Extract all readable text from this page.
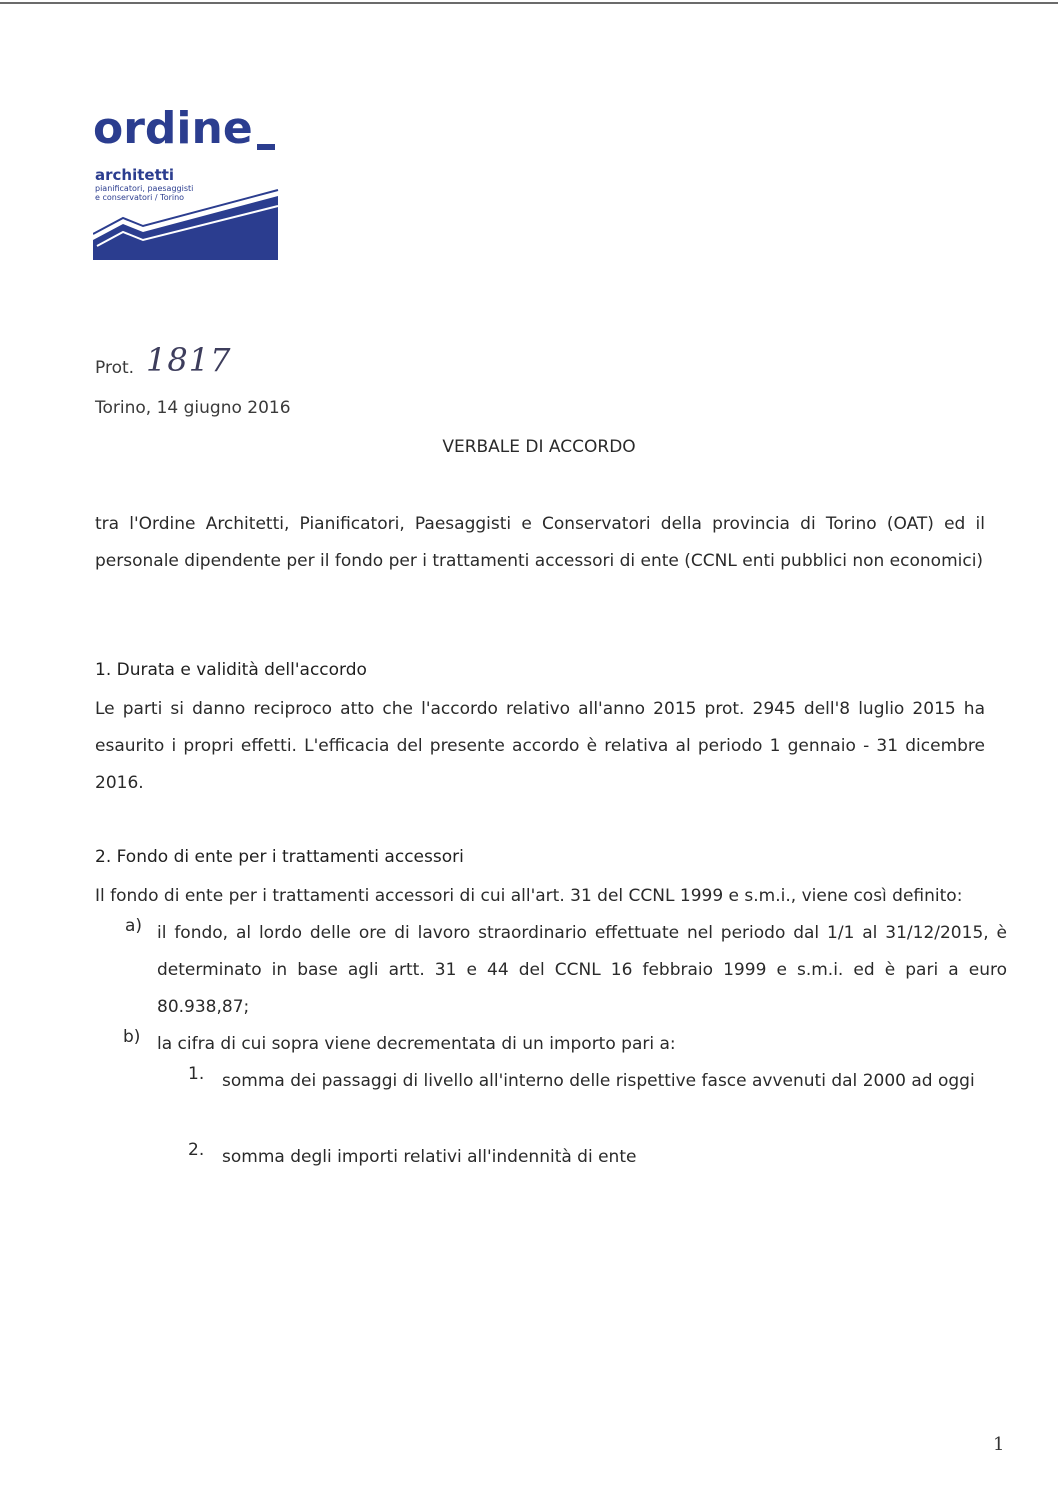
ordine
architetti
pianificatori, paesaggisti
e conservatori / Torino
Prot. 1817
Torino, 14 giugno 2016
VERBALE DI ACCORDO

tra l'Ordine Architetti, Pianificatori, Paesaggisti e Conservatori della provincia di Torino (OAT) ed il personale dipendente per il fondo per i trattamenti accessori di ente (CCNL enti pubblici non economici)

1. Durata e validità dell'accordo

Le parti si danno reciproco atto che l'accordo relativo all'anno 2015 prot. 2945 dell'8 luglio 2015 ha esaurito i propri effetti. L'efficacia del presente accordo è relativa al periodo 1 gennaio - 31 dicembre 2016.

2. Fondo di ente per i trattamenti accessori
Il fondo di ente per i trattamenti accessori di cui all'art. 31 del CCNL 1999 e s.m.i., viene così definito:
a) il fondo, al lordo delle ore di lavoro straordinario effettuate nel periodo dal 1/1 al 31/12/2015, è determinato in base agli artt. 31 e 44 del CCNL 16 febbraio 1999 e s.m.i. ed è pari a euro 80.938,87;

b) la cifra di cui sopra viene decrementata di un importo pari a:

1. somma dei passaggi di livello all'interno delle rispettive fasce avvenuti dal 2000 ad oggi

2. somma degli importi relativi all'indennità di ente

1
